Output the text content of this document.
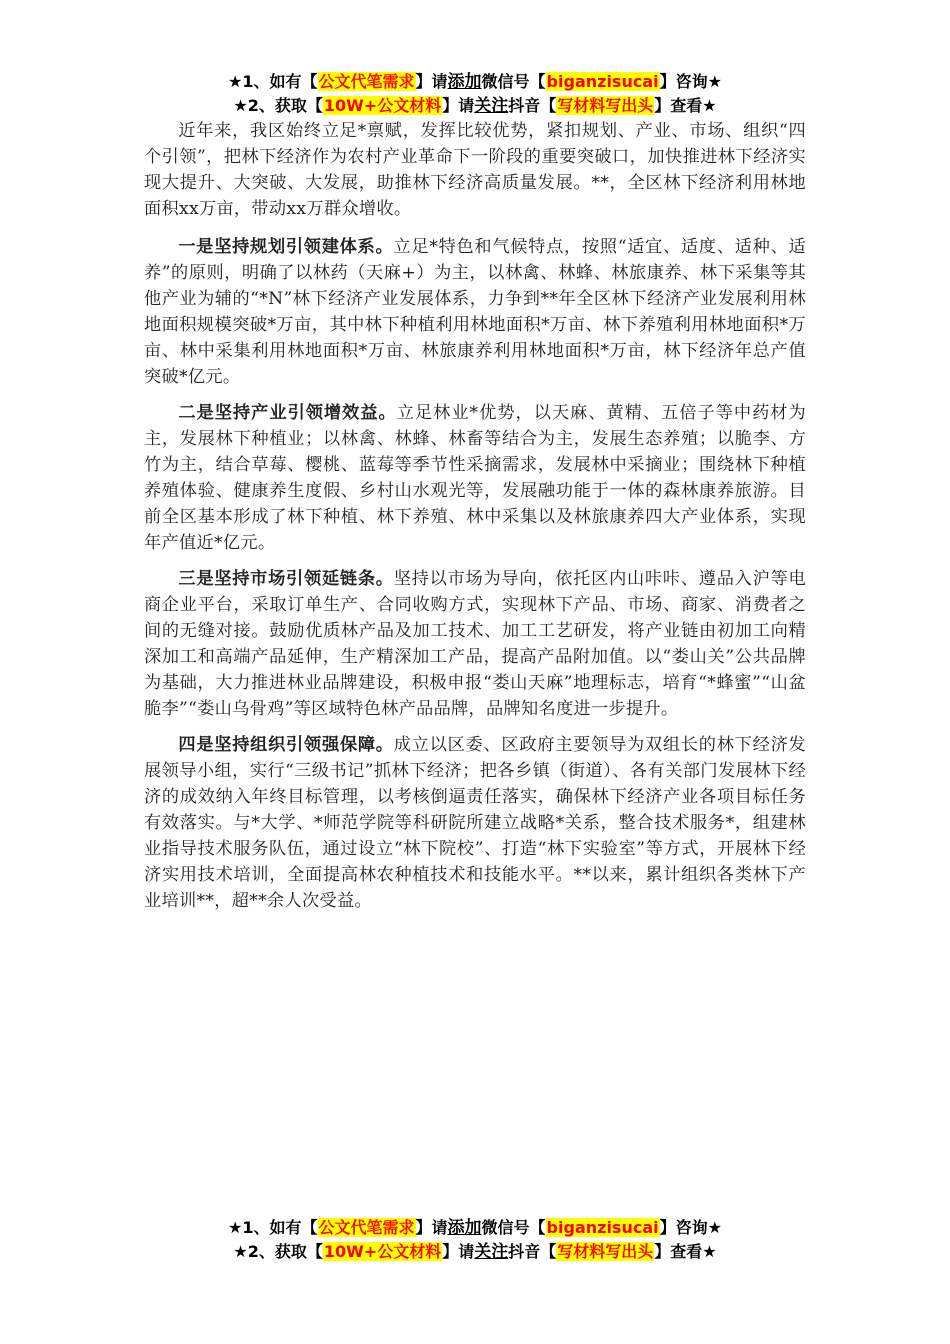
★1、如有【公文代笔需求】请添加微信号【biganzisucai】咨询★
★2、获取【10W+公文材料】请关注抖音【写材料写出头】查看★

近年来，我区始终立足*禀赋，发挥比较优势，紧扣规划、产业、市场、组织“四个引领”，把林下经济作为农村产业革命下一阶段的重要突破口，加快推进林下经济实现大提升、大突破、大发展，助推林下经济高质量发展。**，全区林下经济利用林地面积xx万亩，带动xx万群众增收。

一是坚持规划引领建体系。立足*特色和气候特点，按照“适宜、适度、适种、适养”的原则，明确了以林药（天麻+）为主，以林禽、林蜂、林旅康养、林下采集等其他产业为辅的“*N”林下经济产业发展体系，力争到**年全区林下经济产业发展利用林地面积规模突破*万亩，其中林下种植利用林地面积*万亩、林下养殖利用林地面积*万亩、林中采集利用林地面积*万亩、林旅康养利用林地面积*万亩，林下经济年总产值突破*亿元。

二是坚持产业引领增效益。立足林业*优势，以天麻、黄精、五倍子等中药材为主，发展林下种植业；以林禽、林蜂、林畜等结合为主，发展生态养殖；以脆李、方竹为主，结合草莓、樱桃、蓝莓等季节性采摘需求，发展林中采摘业；围绕林下种植养殖体验、健康养生度假、乡村山水观光等，发展融功能于一体的森林康养旅游。目前全区基本形成了林下种植、林下养殖、林中采集以及林旅康养四大产业体系，实现年产值近*亿元。

三是坚持市场引领延链条。坚持以市场为导向，依托区内山咔咔、遵品入沪等电商企业平台，采取订单生产、合同收购方式，实现林下产品、市场、商家、消费者之间的无缝对接。鼓励优质林产品及加工技术、加工工艺研发，将产业链由初加工向精深加工和高端产品延伸，生产精深加工产品，提高产品附加值。以“娄山关”公共品牌为基础，大力推进林业品牌建设，积极申报“娄山天麻”地理标志，培育“*蜂蜜”“山盆脆李”“娄山乌骨鸡”等区域特色林产品品牌，品牌知名度进一步提升。

四是坚持组织引领强保障。成立以区委、区政府主要领导为双组长的林下经济发展领导小组，实行“三级书记”抓林下经济；把各乡镇（街道）、各有关部门发展林下经济的成效纳入年终目标管理，以考核倒逼责任落实，确保林下经济产业各项目标任务有效落实。与*大学、*师范学院等科研院所建立战略*关系，整合技术服务*，组建林业指导技术服务队伍，通过设立“林下院校”、打造“林下实验室”等方式，开展林下经济实用技术培训，全面提高林农种植技术和技能水平。**以来，累计组织各类林下产业培训**，超**余人次受益。

★1、如有【公文代笔需求】请添加微信号【biganzisucai】咨询★
★2、获取【10W+公文材料】请关注抖音【写材料写出头】查看★
